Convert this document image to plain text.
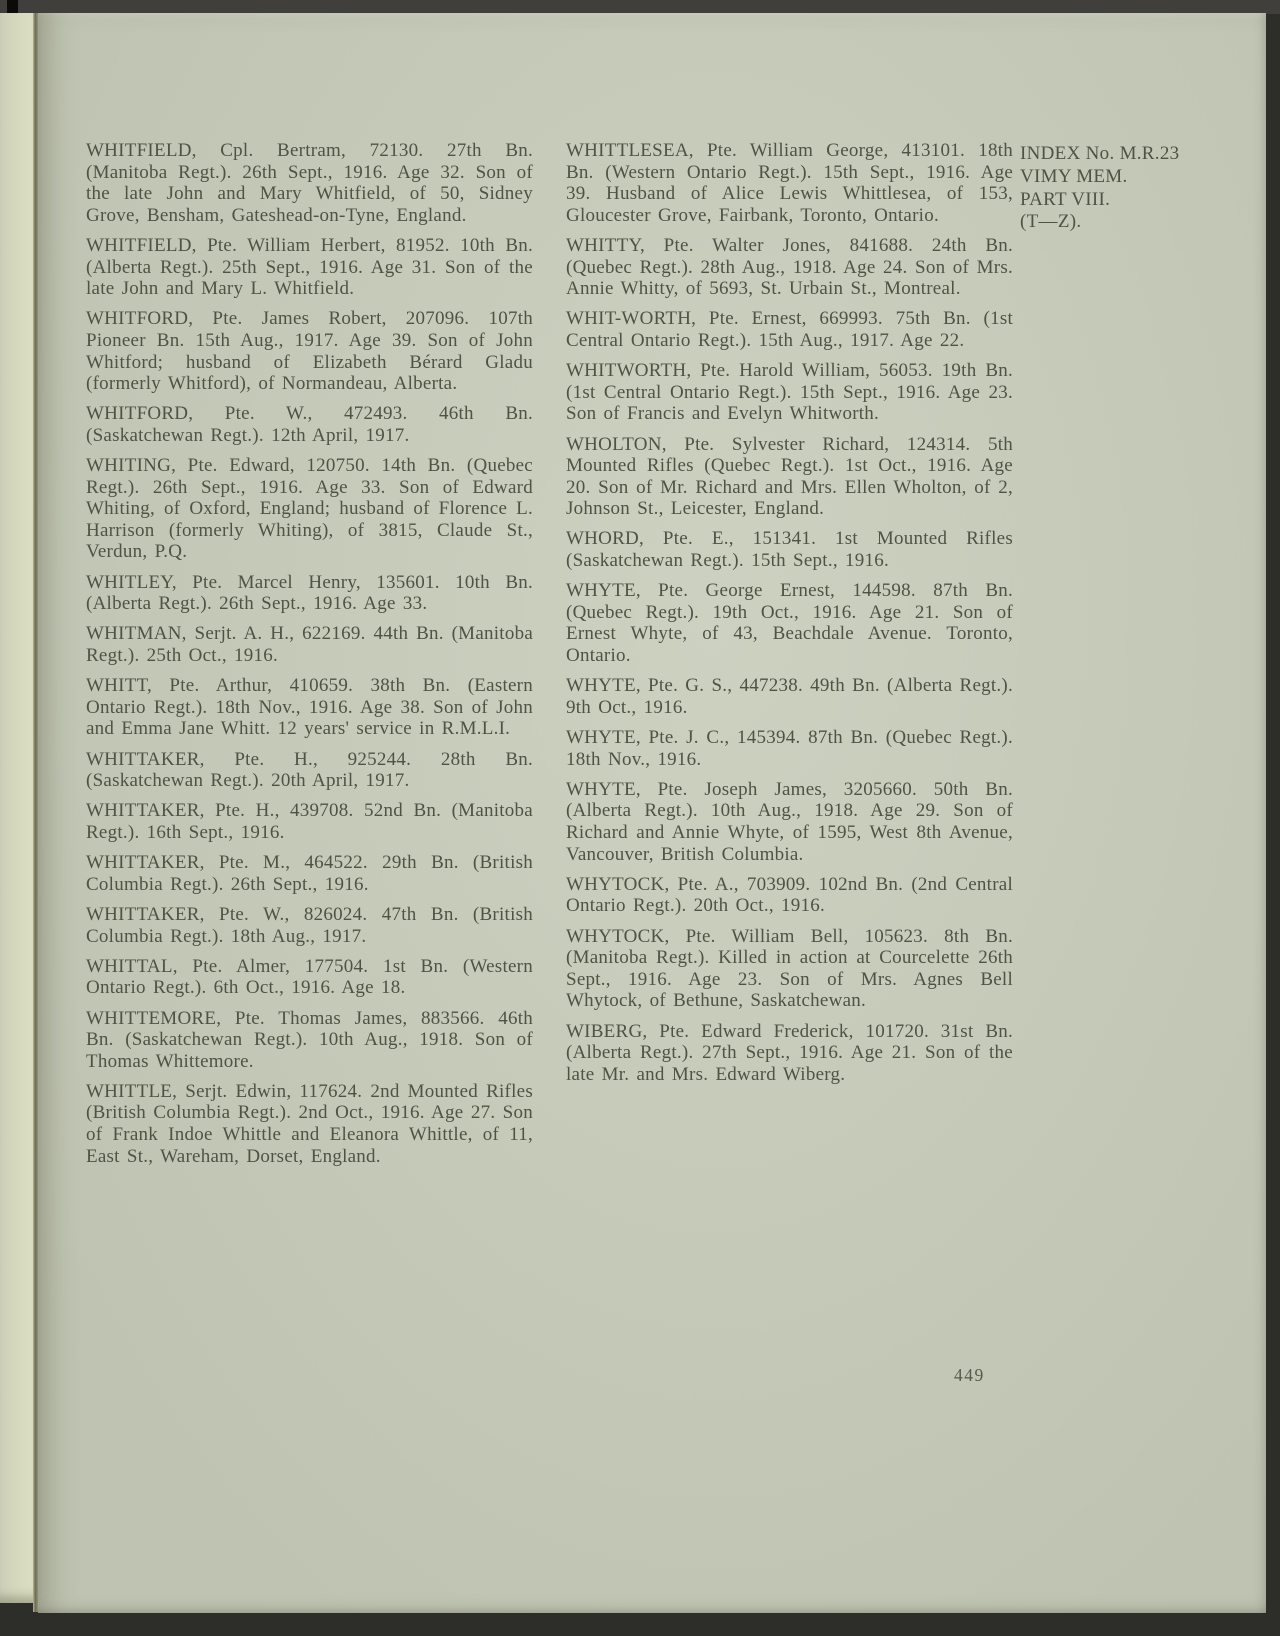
WHITFIELD, Cpl. Bertram, 72130. 27th Bn. (Manitoba Regt.). 26th Sept., 1916. Age 32. Son of the late John and Mary Whitfield, of 50, Sidney Grove, Bensham, Gateshead-on-Tyne, England.

WHITFIELD, Pte. William Herbert, 81952. 10th Bn. (Alberta Regt.). 25th Sept., 1916. Age 31. Son of the late John and Mary L. Whitfield.

WHITFORD, Pte. James Robert, 207096. 107th Pioneer Bn. 15th Aug., 1917. Age 39. Son of John Whitford; husband of Elizabeth Bérard Gladu (formerly Whitford), of Normandeau, Alberta.

WHITFORD, Pte. W., 472493. 46th Bn. (Saskatchewan Regt.). 12th April, 1917.

WHITING, Pte. Edward, 120750. 14th Bn. (Quebec Regt.). 26th Sept., 1916. Age 33. Son of Edward Whiting, of Oxford, England; husband of Florence L. Harrison (formerly Whiting), of 3815, Claude St., Verdun, P.Q.

WHITLEY, Pte. Marcel Henry, 135601. 10th Bn. (Alberta Regt.). 26th Sept., 1916. Age 33.

WHITMAN, Serjt. A. H., 622169. 44th Bn. (Manitoba Regt.). 25th Oct., 1916.

WHITT, Pte. Arthur, 410659. 38th Bn. (Eastern Ontario Regt.). 18th Nov., 1916. Age 38. Son of John and Emma Jane Whitt. 12 years' service in R.M.L.I.

WHITTAKER, Pte. H., 925244. 28th Bn. (Saskatchewan Regt.). 20th April, 1917.

WHITTAKER, Pte. H., 439708. 52nd Bn. (Manitoba Regt.). 16th Sept., 1916.

WHITTAKER, Pte. M., 464522. 29th Bn. (British Columbia Regt.). 26th Sept., 1916.

WHITTAKER, Pte. W., 826024. 47th Bn. (British Columbia Regt.). 18th Aug., 1917.

WHITTAL, Pte. Almer, 177504. 1st Bn. (Western Ontario Regt.). 6th Oct., 1916. Age 18.

WHITTEMORE, Pte. Thomas James, 883566. 46th Bn. (Saskatchewan Regt.). 10th Aug., 1918. Son of Thomas Whittemore.

WHITTLE, Serjt. Edwin, 117624. 2nd Mounted Rifles (British Columbia Regt.). 2nd Oct., 1916. Age 27. Son of Frank Indoe Whittle and Eleanora Whittle, of 11, East St., Wareham, Dorset, England.

WHITTLESEA, Pte. William George, 413101. 18th Bn. (Western Ontario Regt.). 15th Sept., 1916. Age 39. Husband of Alice Lewis Whittlesea, of 153, Gloucester Grove, Fairbank, Toronto, Ontario.

WHITTY, Pte. Walter Jones, 841688. 24th Bn. (Quebec Regt.). 28th Aug., 1918. Age 24. Son of Mrs. Annie Whitty, of 5693, St. Urbain St., Montreal.

WHIT-WORTH, Pte. Ernest, 669993. 75th Bn. (1st Central Ontario Regt.). 15th Aug., 1917. Age 22.

WHITWORTH, Pte. Harold William, 56053. 19th Bn. (1st Central Ontario Regt.). 15th Sept., 1916. Age 23. Son of Francis and Evelyn Whitworth.

WHOLTON, Pte. Sylvester Richard, 124314. 5th Mounted Rifles (Quebec Regt.). 1st Oct., 1916. Age 20. Son of Mr. Richard and Mrs. Ellen Wholton, of 2, Johnson St., Leicester, England.

WHORD, Pte. E., 151341. 1st Mounted Rifles (Saskatchewan Regt.). 15th Sept., 1916.

WHYTE, Pte. George Ernest, 144598. 87th Bn. (Quebec Regt.). 19th Oct., 1916. Age 21. Son of Ernest Whyte, of 43, Beachdale Avenue. Toronto, Ontario.

WHYTE, Pte. G. S., 447238. 49th Bn. (Alberta Regt.). 9th Oct., 1916.

WHYTE, Pte. J. C., 145394. 87th Bn. (Quebec Regt.). 18th Nov., 1916.

WHYTE, Pte. Joseph James, 3205660. 50th Bn. (Alberta Regt.). 10th Aug., 1918. Age 29. Son of Richard and Annie Whyte, of 1595, West 8th Avenue, Vancouver, British Columbia.

WHYTOCK, Pte. A., 703909. 102nd Bn. (2nd Central Ontario Regt.). 20th Oct., 1916.

WHYTOCK, Pte. William Bell, 105623. 8th Bn. (Manitoba Regt.). Killed in action at Courcelette 26th Sept., 1916. Age 23. Son of Mrs. Agnes Bell Whytock, of Bethune, Saskatchewan.

WIBERG, Pte. Edward Frederick, 101720. 31st Bn. (Alberta Regt.). 27th Sept., 1916. Age 21. Son of the late Mr. and Mrs. Edward Wiberg.

INDEX No. M.R.23

VIMY MEM.

PART VIII.

(T—Z).

449
